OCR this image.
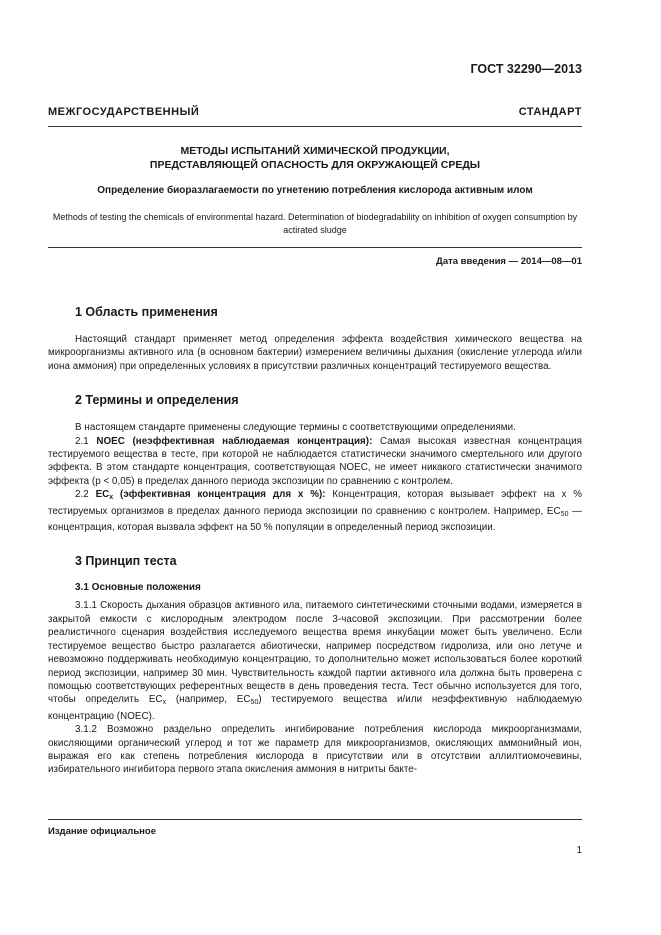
ГОСТ 32290—2013
МЕЖГОСУДАРСТВЕННЫЙ СТАНДАРТ
МЕТОДЫ ИСПЫТАНИЙ ХИМИЧЕСКОЙ ПРОДУКЦИИ,
ПРЕДСТАВЛЯЮЩЕЙ ОПАСНОСТЬ ДЛЯ ОКРУЖАЮЩЕЙ СРЕДЫ
Определение биоразлагаемости по угнетению потребления кислорода активным илом
Methods of testing the chemicals of environmental hazard. Determination of biodegradability on inhibition of oxygen consumption by actirated sludge
Дата введения — 2014—08—01
1 Область применения

Настоящий стандарт применяет метод определения эффекта воздействия химического вещества на микроорганизмы активного ила (в основном бактерии) измерением величины дыхания (окисление углерода и/или иона аммония) при определенных условиях в присутствии различных концентраций тестируемого вещества.

2 Термины и определения

В настоящем стандарте применены следующие термины с соответствующими определениями.

2.1 NOEC (неэффективная наблюдаемая концентрация): Самая высокая известная концентрация тестируемого вещества в тесте, при которой не наблюдается статистически значимого смертельного или другого эффекта. В этом стандарте концентрация, соответствующая NOEC, не имеет никакого статистически значимого эффекта (p < 0,05) в пределах данного периода экспозиции по сравнению с контролем.

2.2 $EC_x$ (эффективная концентрация для x %): Концентрация, которая вызывает эффект на x % тестируемых организмов в пределах данного периода экспозиции по сравнению с контролем. Например, $EC_{50}$ — концентрация, которая вызвала эффект на 50 % популяции в определенный период экспозиции.

3 Принцип теста
3.1 Основные положения

3.1.1 Скорость дыхания образцов активного ила, питаемого синтетическими сточными водами, измеряется в закрытой емкости с кислородным электродом после 3-часовой экспозиции. При рассмотрении более реалистичного сценария воздействия исследуемого вещества время инкубации может быть увеличено. Если тестируемое вещество быстро разлагается абиотически, например посредством гидролиза, или оно летуче и невозможно поддерживать необходимую концентрацию, то дополнительно может использоваться более короткий период экспозиции, например 30 мин. Чувствительность каждой партии активного ила должна быть проверена с помощью соответствующих референтных веществ в день проведения теста. Тест обычно используется для того, чтобы определить $EC_x$ (например, $EC_{50}$) тестируемого вещества и/или неэффективную наблюдаемую концентрацию (NOEC).

3.1.2 Возможно раздельно определить ингибирование потребления кислорода микроорганизмами, окисляющими органический углерод и тот же параметр для микроорганизмов, окисляющих аммонийный ион, выражая его как степень потребления кислорода в присутствии или в отсутствии аллилтиомочевины, избирательного ингибитора первого этапа окисления аммония в нитриты бакте-

Издание официальное
1
